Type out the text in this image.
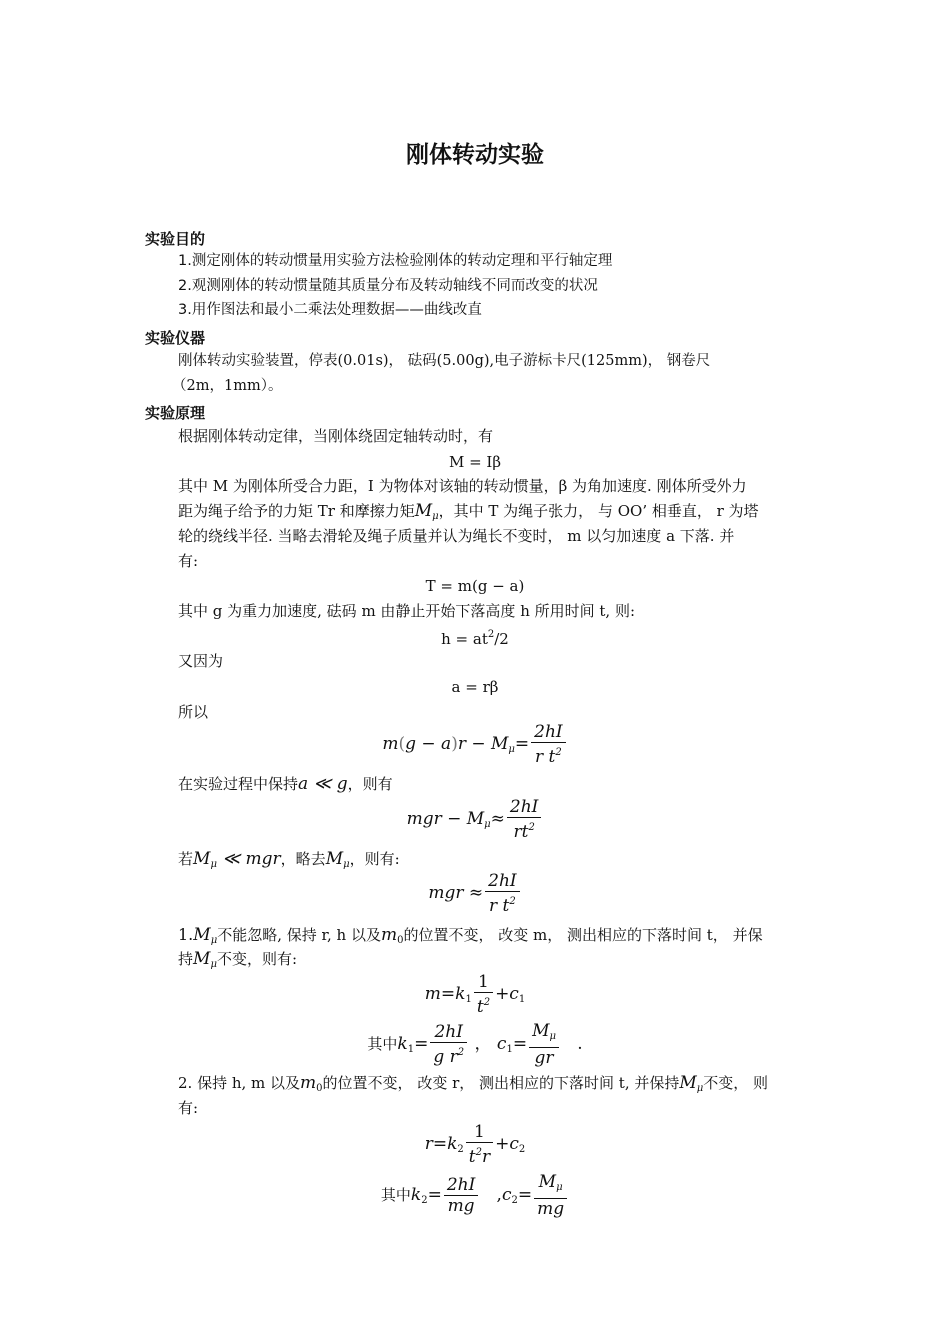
刚体转动实验
实验目的
1.测定刚体的转动惯量用实验方法检验刚体的转动定理和平行轴定理
2.观测刚体的转动惯量随其质量分布及转动轴线不同而改变的状况
3.用作图法和最小二乘法处理数据——曲线改直
实验仪器
刚体转动实验装置，停表(0.01s)， 砝码(5.00g),电子游标卡尺(125mm)， 钢卷尺
（2m，1mm）。
实验原理
根据刚体转动定律，当刚体绕固定轴转动时，有
M = Iβ
其中 M 为刚体所受合力距，I 为物体对该轴的转动惯量，β 为角加速度. 刚体所受外力
距为绳子给予的力矩 Tr 和摩擦力矩$M_\mu$，其中 T 为绳子张力， 与 OO’ 相垂直， r 为塔
轮的绕线半径. 当略去滑轮及绳子质量并认为绳长不变时， m 以匀加速度 a 下落. 并
有:
T = m(g − a)
其中 g 为重力加速度, 砝码 m 由静止开始下落高度 h 所用时间 t, 则:
$h = at^2/2$
又因为
a = rβ
所以
$m(g - a)r - M_\mu= \frac{2hI}{r t^2}$
在实验过程中保持a ≪ g，则有
mgr − $M_\mu\approx \frac{2hI}{rt^2}$
若$M_\mu$ ≪ mgr，略去$M_\mu$，则有:
mgr ≈ $\frac{2hI}{r t^2}$
$1.M_\mu$不能忽略, 保持 r, h 以及$m_0$的位置不变， 改变 m， 测出相应的下落时间 t， 并保
持$M_\mu$不变，则有:
$m=k_1 \frac{1}{t^2} +c_1$
其中$k_1= \frac{2hI}{g r^2}$ ， $c_1= \frac{M_\mu}{gr}$ .
2. 保持 h, m 以及$m_0$的位置不变， 改变 r， 测出相应的下落时间 t, 并保持$M_\mu$不变， 则
有:
$r=k_2 \frac{1}{t^2r} +c_2$
其中$k_2= \frac{2hI}{mg} ,c_2= \frac{M_\mu}{mg}$
